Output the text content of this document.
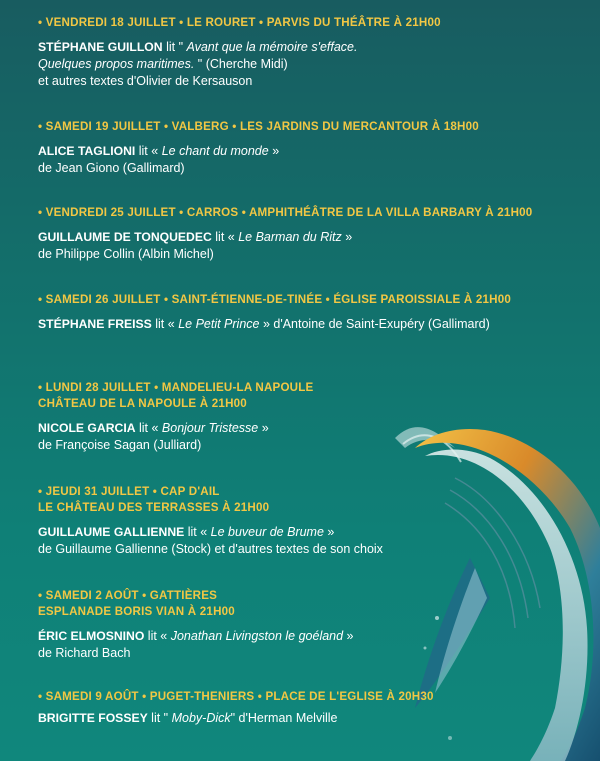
• VENDREDI 18 JUILLET • LE ROURET • PARVIS DU THÉÂTRE À 21H00
STÉPHANE GUILLON lit " Avant que la mémoire s'efface.
Quelques propos maritimes. " (Cherche Midi)
et autres textes d'Olivier de Kersauson
• SAMEDI 19 JUILLET • VALBERG • LES JARDINS DU MERCANTOUR À 18H00
ALICE TAGLIONI lit « Le chant du monde »
de Jean Giono (Gallimard)
• VENDREDI 25 JUILLET • CARROS • AMPHITHÉÂTRE DE LA VILLA BARBARY À 21H00
GUILLAUME DE TONQUEDEC lit « Le Barman du Ritz »
de Philippe Collin (Albin Michel)
• SAMEDI 26 JUILLET • SAINT-ÉTIENNE-DE-TINÉE • ÉGLISE PAROISSIALE À 21H00
STÉPHANE FREISS lit « Le Petit Prince » d'Antoine de Saint-Exupéry (Gallimard)
• LUNDI 28 JUILLET • MANDELIEU-LA NAPOULE
CHÂTEAU DE LA NAPOULE À 21H00
NICOLE GARCIA lit « Bonjour Tristesse »
de Françoise Sagan (Julliard)
• JEUDI 31 JUILLET • CAP D'AIL
LE CHÂTEAU DES TERRASSES À 21H00
GUILLAUME GALLIENNE lit « Le buveur de Brume »
de Guillaume Gallienne (Stock) et d'autres textes de son choix
• SAMEDI 2 AOÛT • GATTIÈRES
ESPLANADE BORIS VIAN À 21H00
ÉRIC ELMOSNINO lit « Jonathan Livingston le goéland »
de Richard Bach
• SAMEDI 9 AOÛT • PUGET-THENIERS • PLACE DE L'EGLISE À 20H30
BRIGITTE FOSSEY lit " Moby-Dick" d'Herman Melville
